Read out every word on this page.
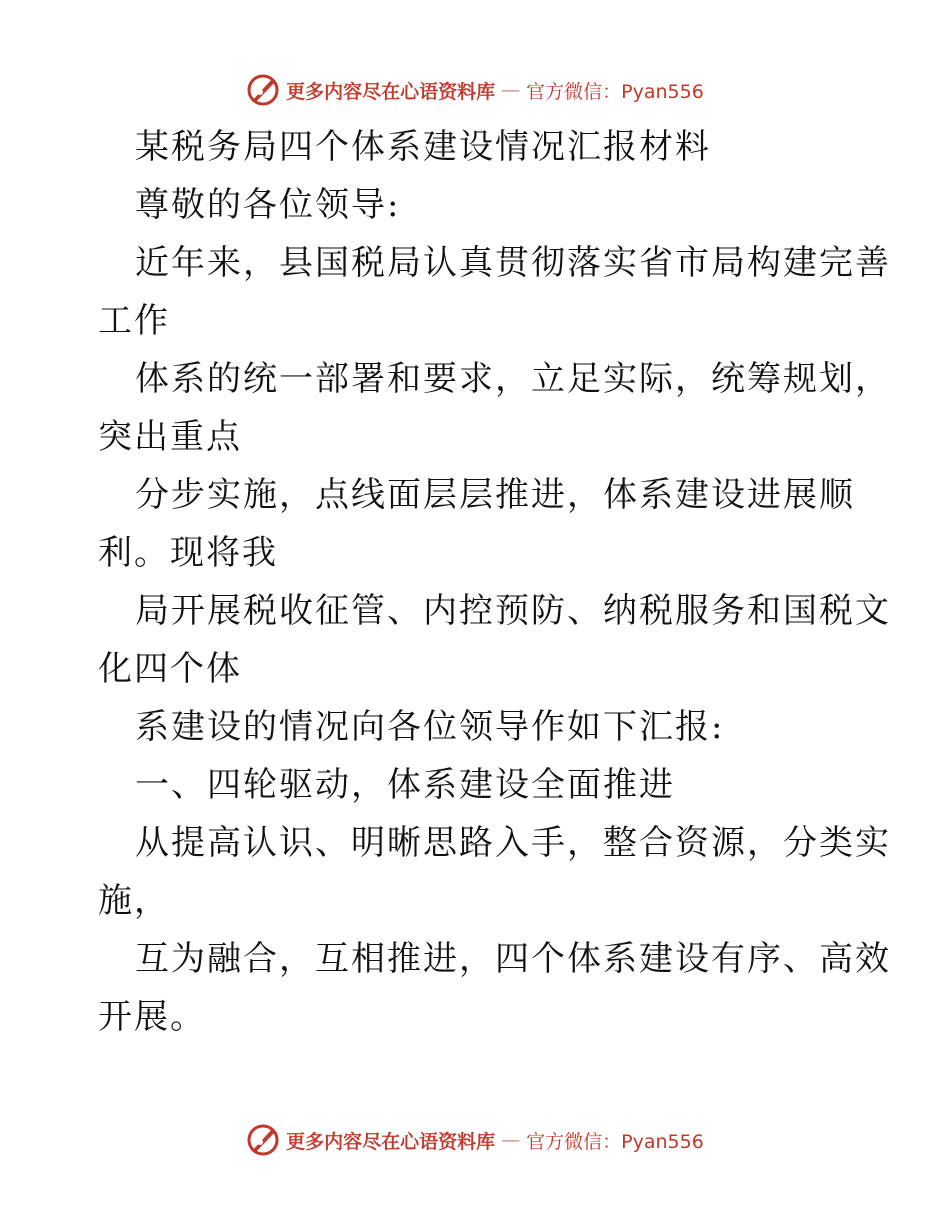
更多内容尽在心语资料库 — 官方微信：Pyan556
某税务局四个体系建设情况汇报材料
尊敬的各位领导:
近年来，县国税局认真贯彻落实省市局构建完善
工作
体系的统一部署和要求，立足实际，统筹规划，
突出重点
分步实施，点线面层层推进，体系建设进展顺
利。现将我
局开展税收征管、内控预防、纳税服务和国税文
化四个体
系建设的情况向各位领导作如下汇报:
一、四轮驱动，体系建设全面推进
从提高认识、明晰思路入手，整合资源，分类实
施，
互为融合，互相推进，四个体系建设有序、高效
开展。
更多内容尽在心语资料库 — 官方微信：Pyan556
